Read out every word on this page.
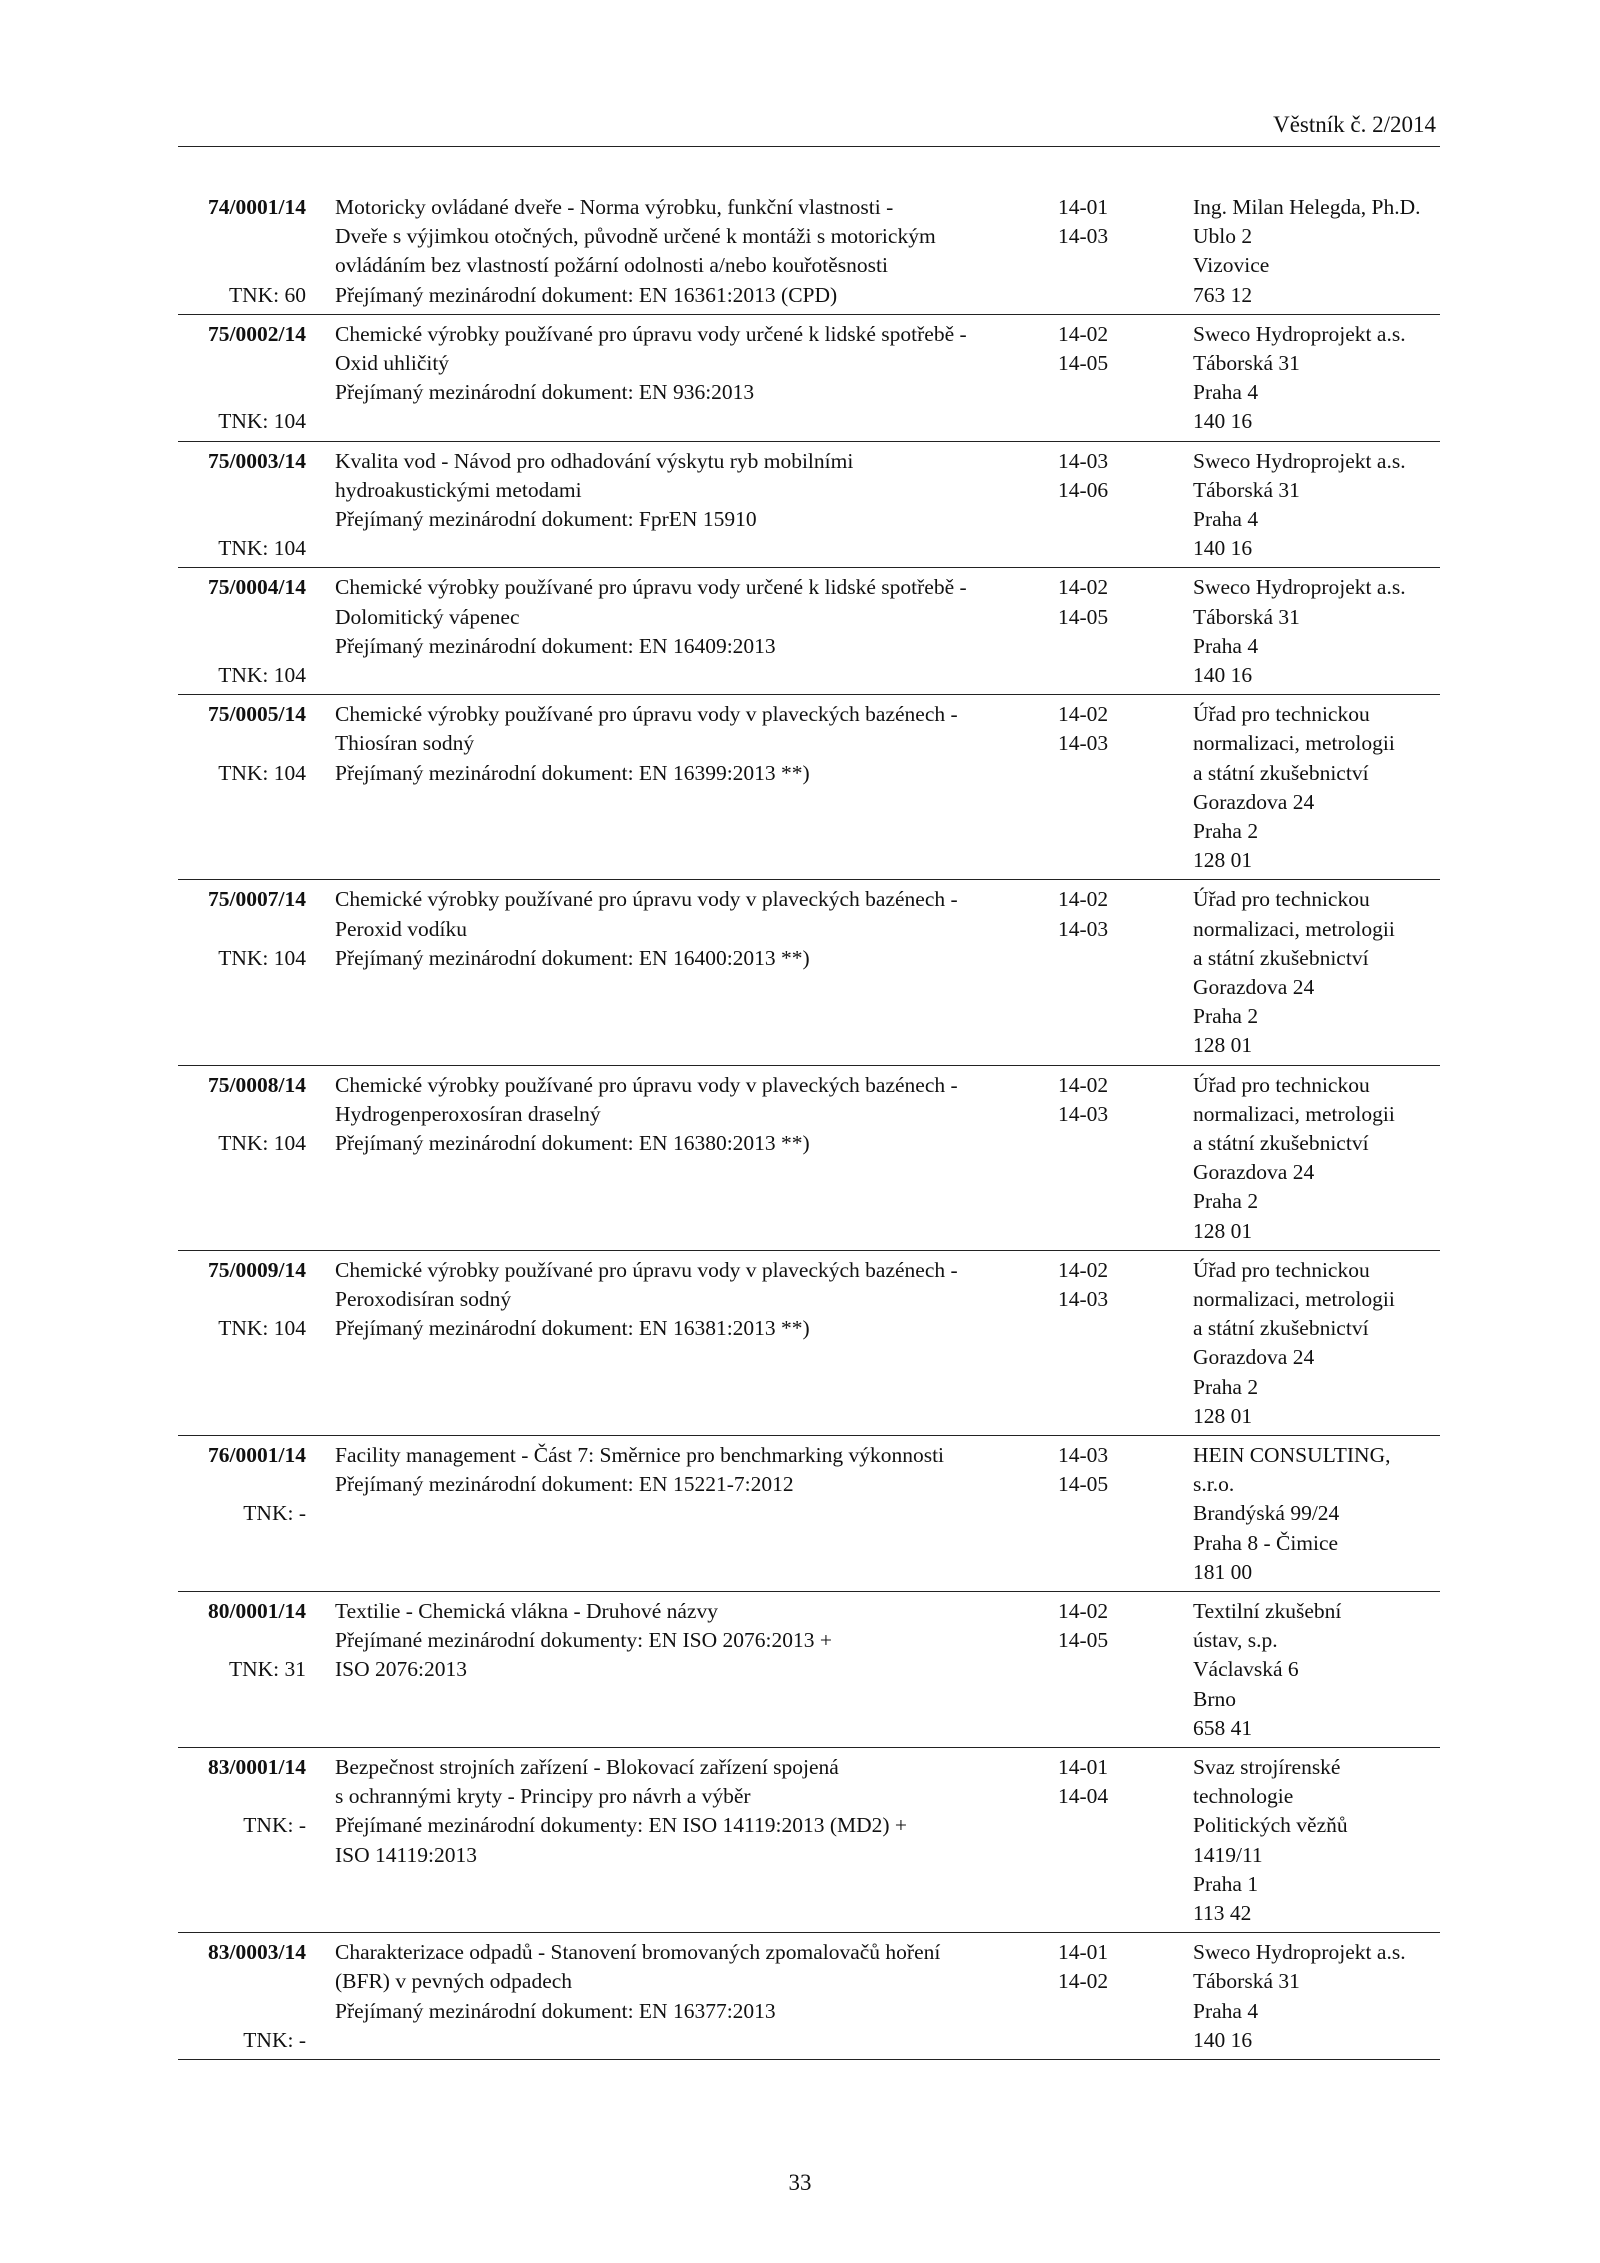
Věstník č. 2/2014
74/0001/14
TNK: 60
Motoricky ovládané dveře - Norma výrobku, funkční vlastnosti -
Dveře s výjimkou otočných, původně určené k montáži s motorickým
ovládáním bez vlastností požární odolnosti a/nebo kouřotěsnosti
Přejímaný mezinárodní dokument: EN 16361:2013 (CPD)
14-01
14-03
Ing. Milan Helegda, Ph.D.
Ublo 2
Vizovice
763 12
75/0002/14
TNK: 104
Chemické výrobky používané pro úpravu vody určené k lidské spotřebě -
Oxid uhličitý
Přejímaný mezinárodní dokument: EN 936:2013
14-02
14-05
Sweco Hydroprojekt a.s.
Táborská 31
Praha 4
140 16
75/0003/14
TNK: 104
Kvalita vod - Návod pro odhadování výskytu ryb mobilními
hydroakustickými metodami
Přejímaný mezinárodní dokument: FprEN 15910
14-03
14-06
Sweco Hydroprojekt a.s.
Táborská 31
Praha 4
140 16
75/0004/14
TNK: 104
Chemické výrobky používané pro úpravu vody určené k lidské spotřebě -
Dolomitický vápenec
Přejímaný mezinárodní dokument: EN 16409:2013
14-02
14-05
Sweco Hydroprojekt a.s.
Táborská 31
Praha 4
140 16
75/0005/14
TNK: 104
Chemické výrobky používané pro úpravu vody v plaveckých bazénech -
Thiosíran sodný
Přejímaný mezinárodní dokument: EN 16399:2013 **)
14-02
14-03
Úřad pro technickou
normalizaci, metrologii
a státní zkušebnictví
Gorazdova 24
Praha 2
128 01
75/0007/14
TNK: 104
Chemické výrobky používané pro úpravu vody v plaveckých bazénech -
Peroxid vodíku
Přejímaný mezinárodní dokument: EN 16400:2013 **)
14-02
14-03
Úřad pro technickou
normalizaci, metrologii
a státní zkušebnictví
Gorazdova 24
Praha 2
128 01
75/0008/14
TNK: 104
Chemické výrobky používané pro úpravu vody v plaveckých bazénech -
Hydrogenperoxosíran draselný
Přejímaný mezinárodní dokument: EN 16380:2013 **)
14-02
14-03
Úřad pro technickou
normalizaci, metrologii
a státní zkušebnictví
Gorazdova 24
Praha 2
128 01
75/0009/14
TNK: 104
Chemické výrobky používané pro úpravu vody v plaveckých bazénech -
Peroxodisíran sodný
Přejímaný mezinárodní dokument: EN 16381:2013 **)
14-02
14-03
Úřad pro technickou
normalizaci, metrologii
a státní zkušebnictví
Gorazdova 24
Praha 2
128 01
76/0001/14
TNK: -
Facility management - Část 7: Směrnice pro benchmarking výkonnosti
Přejímaný mezinárodní dokument: EN 15221-7:2012
14-03
14-05
HEIN CONSULTING,
s.r.o.
Brandýská 99/24
Praha 8 - Čimice
181 00
80/0001/14
TNK: 31
Textilie - Chemická vlákna - Druhové názvy
Přejímané mezinárodní dokumenty: EN ISO 2076:2013 +
ISO 2076:2013
14-02
14-05
Textilní zkušební
ústav, s.p.
Václavská 6
Brno
658 41
83/0001/14
TNK: -
Bezpečnost strojních zařízení - Blokovací zařízení spojená
s ochrannými kryty - Principy pro návrh a výběr
Přejímané mezinárodní dokumenty: EN ISO 14119:2013 (MD2) +
ISO 14119:2013
14-01
14-04
Svaz strojírenské
technologie
Politických vězňů
1419/11
Praha 1
113 42
83/0003/14
TNK: -
Charakterizace odpadů - Stanovení bromovaných zpomalovačů hoření
(BFR) v pevných odpadech
Přejímaný mezinárodní dokument: EN 16377:2013
14-01
14-02
Sweco Hydroprojekt a.s.
Táborská 31
Praha 4
140 16
33
